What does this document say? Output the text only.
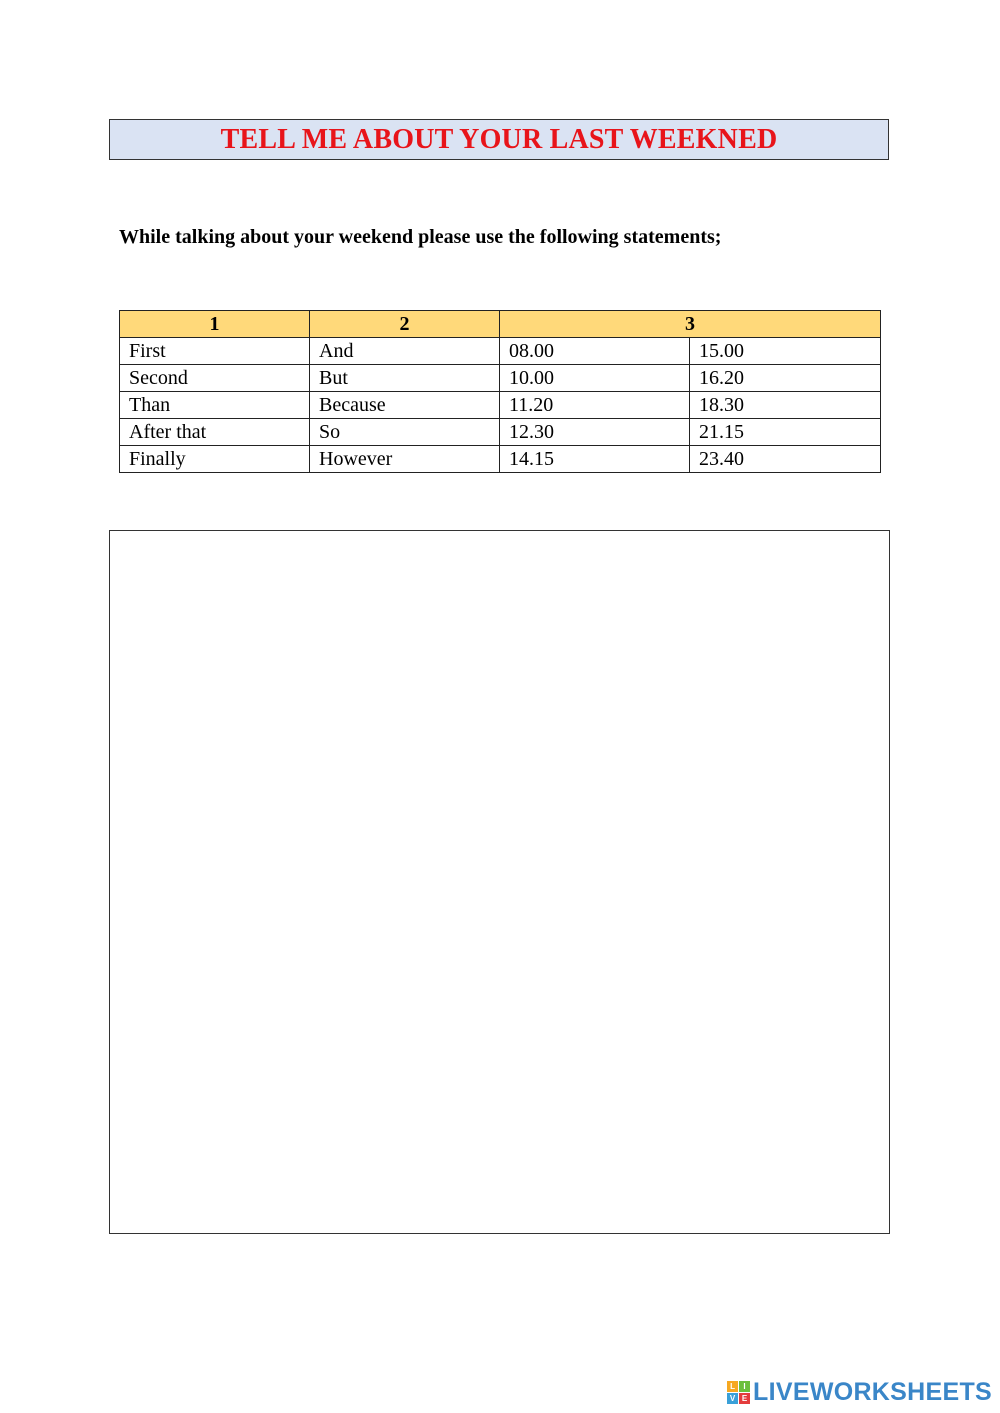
TELL ME ABOUT YOUR LAST WEEKNED
While talking about your weekend please use the following statements;
1	2	3	
First	And	08.00	15.00
Second	But	10.00	16.20
Than	Because	11.20	18.30
After that	So	12.30	21.15
Finally	However	14.15	23.40
L	I
V E LIVEWORKSHEETS
